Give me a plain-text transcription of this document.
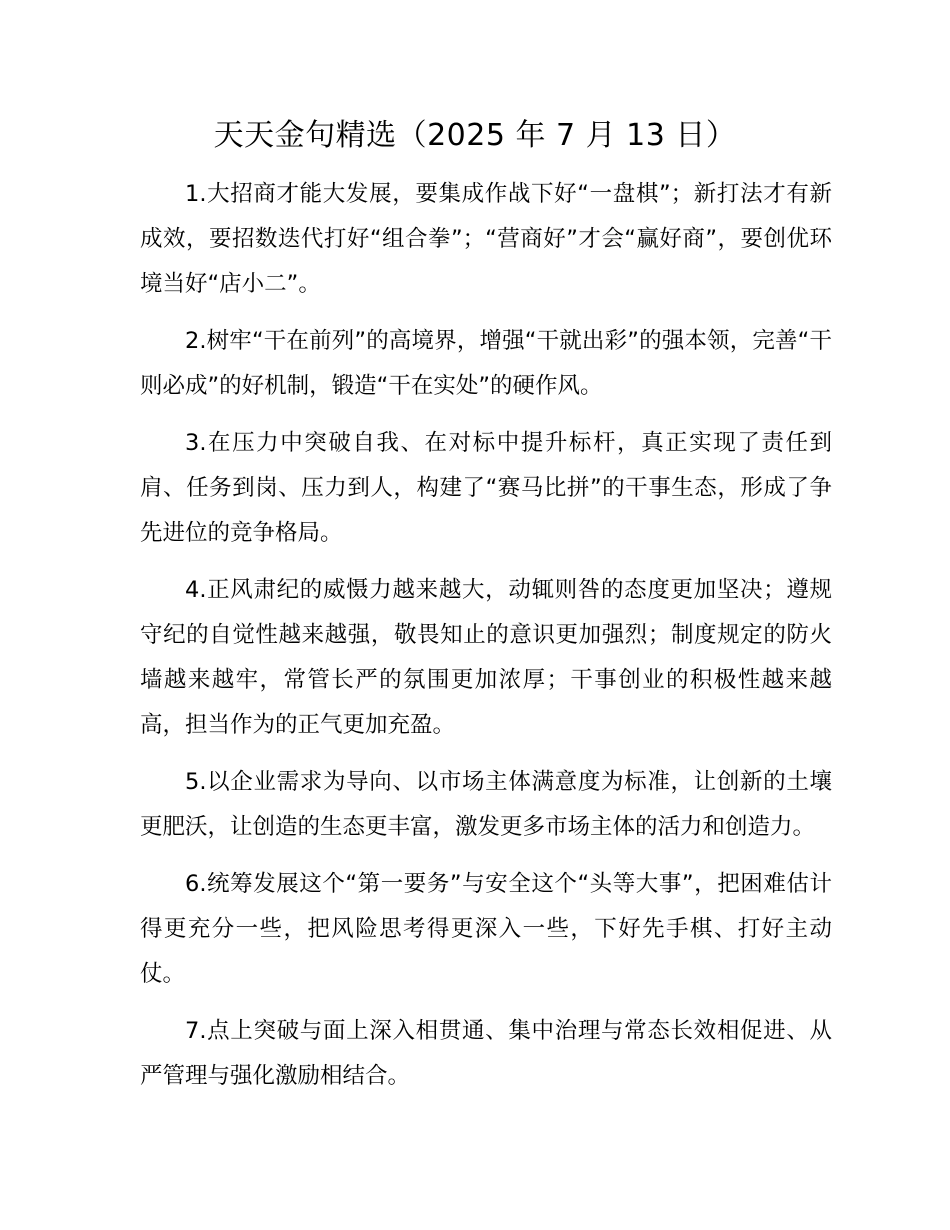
天天金句精选（2025 年 7 月 13 日）

1.大招商才能大发展，要集成作战下好“一盘棋”；新打法才有新成效，要招数迭代打好“组合拳”；“营商好”才会“赢好商”，要创优环境当好“店小二”。

2.树牢“干在前列”的高境界，增强“干就出彩”的强本领，完善“干则必成”的好机制，锻造“干在实处”的硬作风。

3.在压力中突破自我、在对标中提升标杆，真正实现了责任到肩、任务到岗、压力到人，构建了“赛马比拼”的干事生态，形成了争先进位的竞争格局。

4.正风肃纪的威慑力越来越大，动辄则咎的态度更加坚决；遵规守纪的自觉性越来越强，敬畏知止的意识更加强烈；制度规定的防火墙越来越牢，常管长严的氛围更加浓厚；干事创业的积极性越来越高，担当作为的正气更加充盈。

5.以企业需求为导向、以市场主体满意度为标准，让创新的土壤更肥沃，让创造的生态更丰富，激发更多市场主体的活力和创造力。

6.统筹发展这个“第一要务”与安全这个“头等大事”，把困难估计得更充分一些，把风险思考得更深入一些，下好先手棋、打好主动仗。

7.点上突破与面上深入相贯通、集中治理与常态长效相促进、从严管理与强化激励相结合。
